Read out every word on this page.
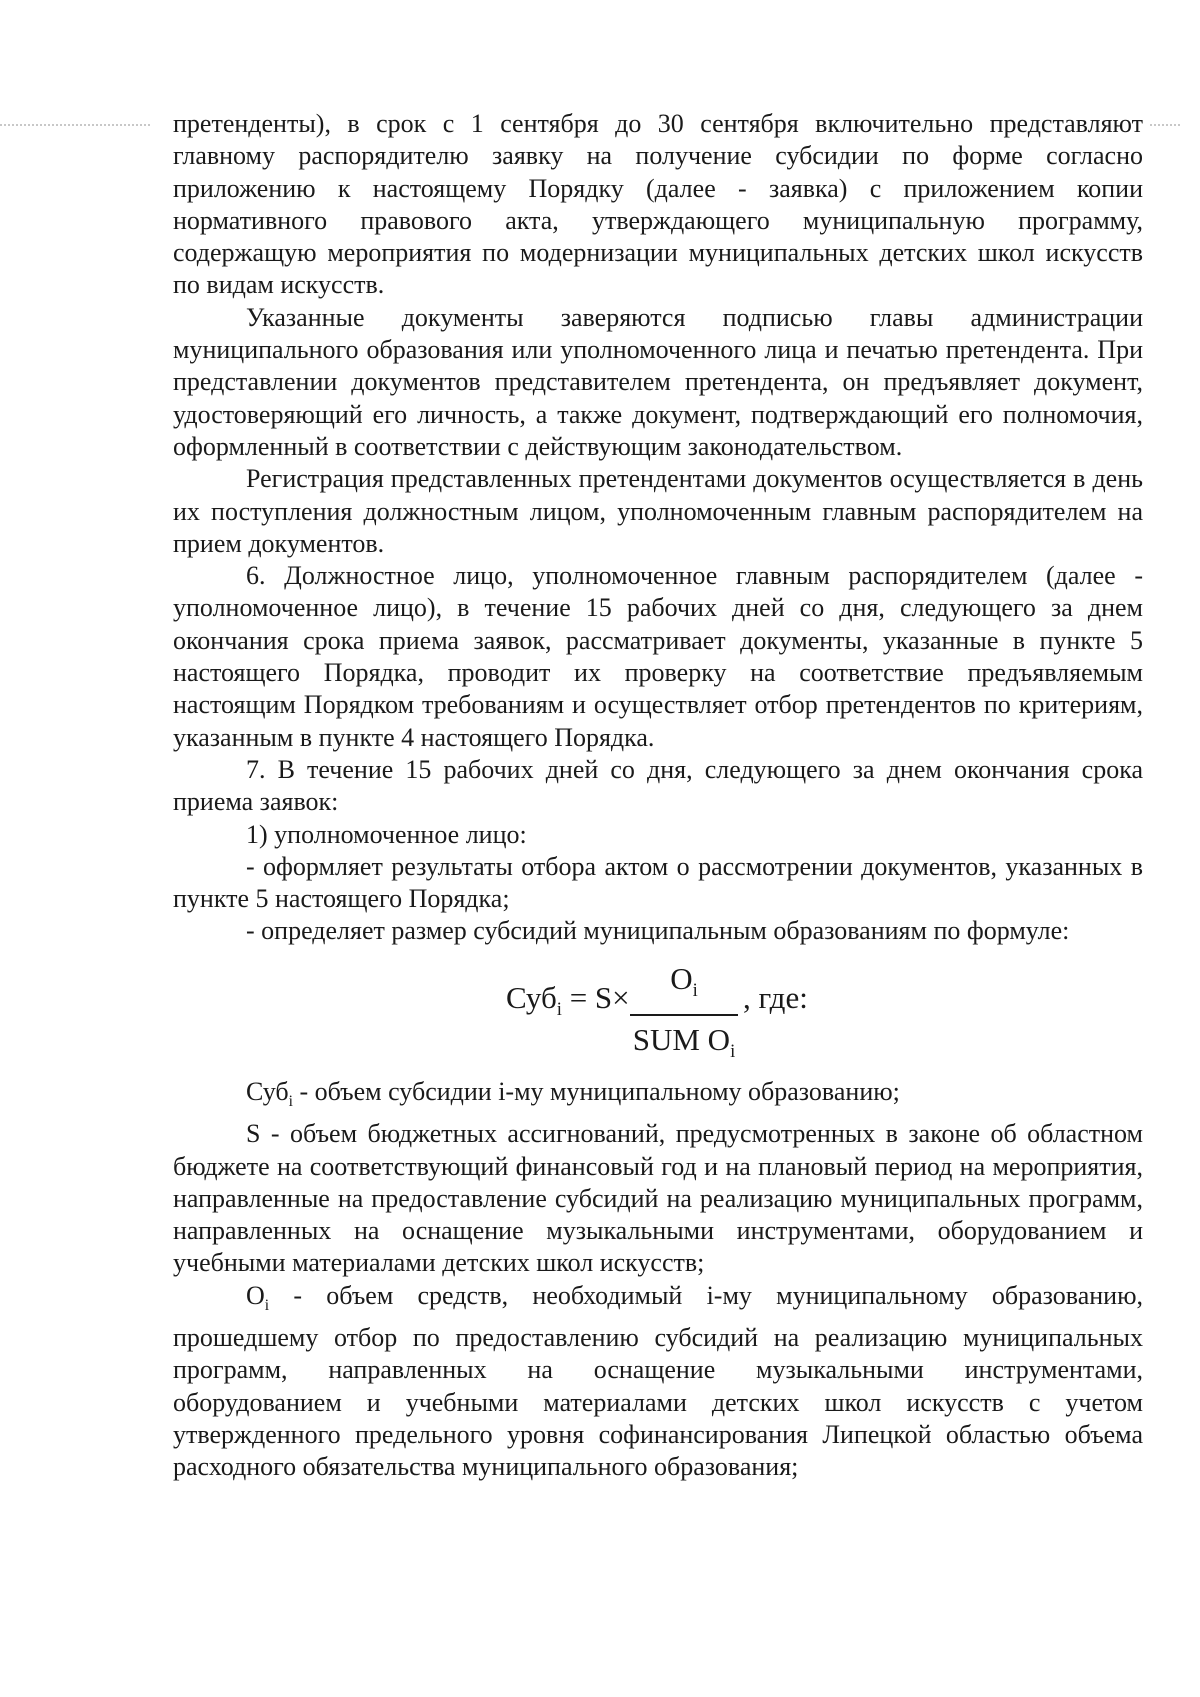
претенденты), в срок с 1 сентября до 30 сентября включительно представляют главному распорядителю заявку на получение субсидии по форме согласно приложению к настоящему Порядку (далее - заявка) с приложением копии нормативного правового акта, утверждающего муниципальную программу, содержащую мероприятия по модернизации муниципальных детских школ искусств по видам искусств.

Указанные документы заверяются подписью главы администрации муниципального образования или уполномоченного лица и печатью претендента. При представлении документов представителем претендента, он предъявляет документ, удостоверяющий его личность, а также документ, подтверждающий его полномочия, оформленный в соответствии с действующим законодательством.

Регистрация представленных претендентами документов осуществляется в день их поступления должностным лицом, уполномоченным главным распорядителем на прием документов.

6. Должностное лицо, уполномоченное главным распорядителем (далее - уполномоченное лицо), в течение 15 рабочих дней со дня, следующего за днем окончания срока приема заявок, рассматривает документы, указанные в пункте 5 настоящего Порядка, проводит их проверку на соответствие предъявляемым настоящим Порядком требованиям и осуществляет отбор претендентов по критериям, указанным в пункте 4 настоящего Порядка.

7. В течение 15 рабочих дней со дня, следующего за днем окончания срока приема заявок:

1) уполномоченное лицо:

- оформляет результаты отбора актом о рассмотрении документов, указанных в пункте 5 настоящего Порядка;

- определяет размер субсидий муниципальным образованиям по формуле:

Суб$_i$ = S×
$O_i$
SUM $O_i$
, где:

Суб$_i$ - объем субсидии i-му муниципальному образованию;

S - объем бюджетных ассигнований, предусмотренных в законе об областном бюджете на соответствующий финансовый год и на плановый период на мероприятия, направленные на предоставление субсидий на реализацию муниципальных программ, направленных на оснащение музыкальными инструментами, оборудованием и учебными материалами детских школ искусств;

$O_i$ - объем средств, необходимый i-му муниципальному образованию, прошедшему отбор по предоставлению субсидий на реализацию муниципальных программ, направленных на оснащение музыкальными инструментами, оборудованием и учебными материалами детских школ искусств с учетом утвержденного предельного уровня софинансирования Липецкой областью объема расходного обязательства муниципального образования;
